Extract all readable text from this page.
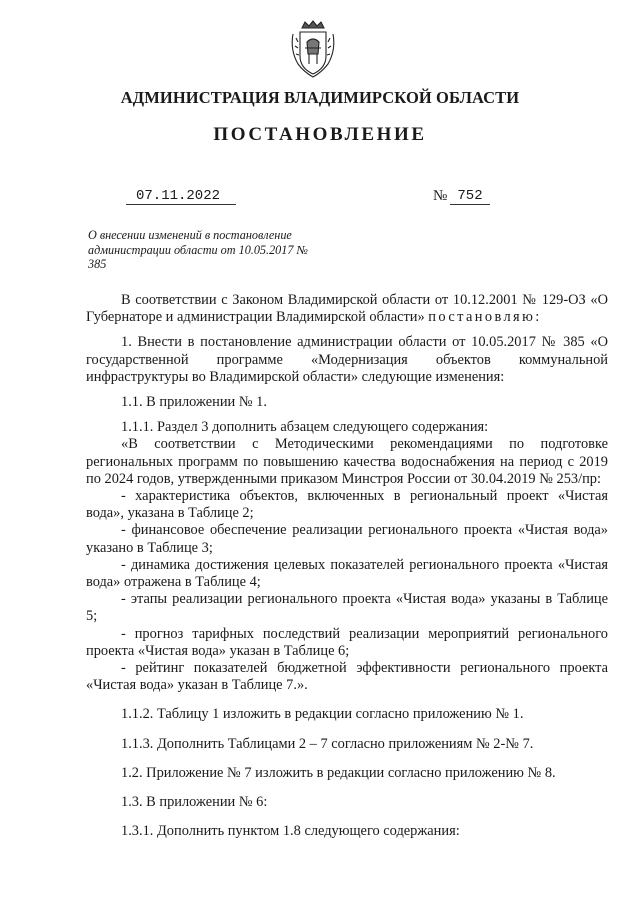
АДМИНИСТРАЦИЯ ВЛАДИМИРСКОЙ ОБЛАСТИ
ПОСТАНОВЛЕНИЕ
07.11.2022	№ 752
О внесении изменений в постановление администрации области от 10.05.2017 № 385

В соответствии с Законом Владимирской области от 10.12.2001 № 129-ОЗ «О Губернаторе и администрации Владимирской области» постановляю:

1. Внести в постановление администрации области от 10.05.2017 № 385 «О государственной программе «Модернизация объектов коммунальной инфраструктуры во Владимирской области» следующие изменения:

1.1. В приложении № 1.

1.1.1. Раздел 3 дополнить абзацем следующего содержания:

«В соответствии с Методическими рекомендациями по подготовке региональных программ по повышению качества водоснабжения на период с 2019 по 2024 годов, утвержденными приказом Минстроя России от 30.04.2019 № 253/пр:

- характеристика объектов, включенных в региональный проект «Чистая вода», указана в Таблице 2;

- финансовое обеспечение реализации регионального проекта «Чистая вода» указано в Таблице 3;

- динамика достижения целевых показателей регионального проекта «Чистая вода» отражена в Таблице 4;

- этапы реализации регионального проекта «Чистая вода» указаны в Таблице 5;

- прогноз тарифных последствий реализации мероприятий регионального проекта «Чистая вода» указан в Таблице 6;

- рейтинг показателей бюджетной эффективности регионального проекта «Чистая вода» указан в Таблице 7.».

1.1.2. Таблицу 1 изложить в редакции согласно приложению № 1.

1.1.3. Дополнить Таблицами 2 – 7 согласно приложениям № 2-№ 7.

1.2. Приложение № 7 изложить в редакции согласно приложению № 8.

1.3. В приложении № 6:

1.3.1. Дополнить пунктом 1.8 следующего содержания:
